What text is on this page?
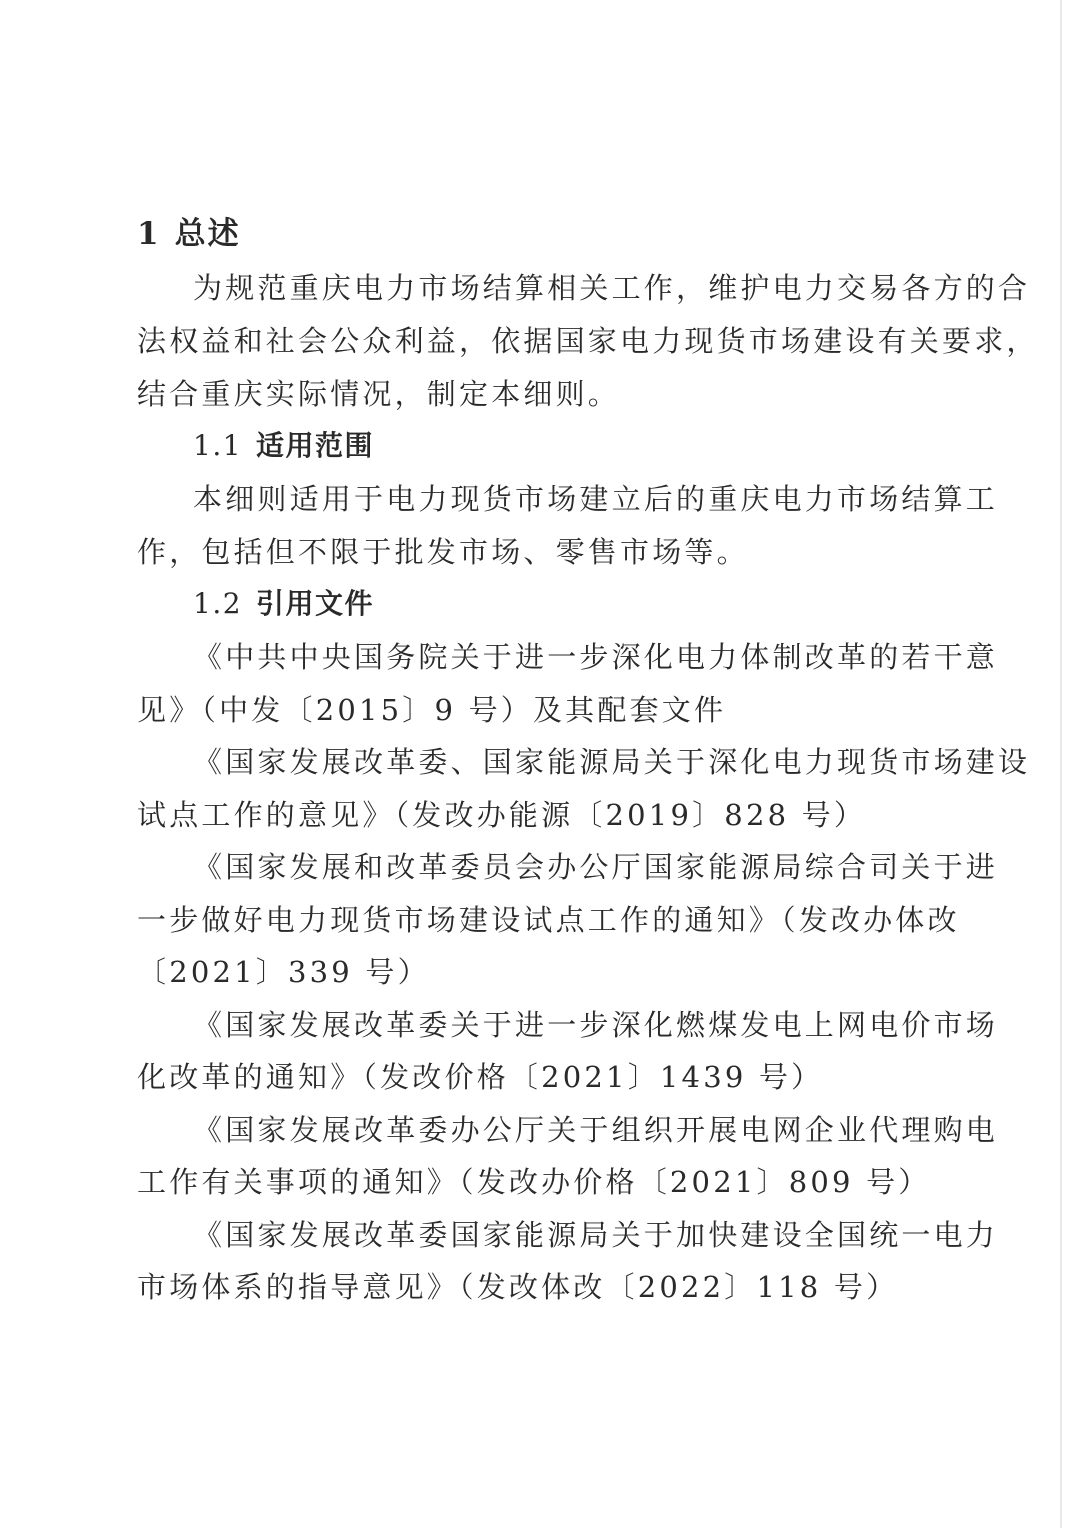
1 总述
为规范重庆电力市场结算相关工作，维护电力交易各方的合
法权益和社会公众利益，依据国家电力现货市场建设有关要求，
结合重庆实际情况，制定本细则。
1.1 适用范围
本细则适用于电力现货市场建立后的重庆电力市场结算工
作，包括但不限于批发市场、零售市场等。
1.2 引用文件
《中共中央国务院关于进一步深化电力体制改革的若干意
见》（中发〔2015〕9 号）及其配套文件
《国家发展改革委、国家能源局关于深化电力现货市场建设
试点工作的意见》（发改办能源〔2019〕828 号）
《国家发展和改革委员会办公厅国家能源局综合司关于进
一步做好电力现货市场建设试点工作的通知》（发改办体改
〔2021〕339 号）
《国家发展改革委关于进一步深化燃煤发电上网电价市场
化改革的通知》（发改价格〔2021〕1439 号）
《国家发展改革委办公厅关于组织开展电网企业代理购电
工作有关事项的通知》（发改办价格〔2021〕809 号）
《国家发展改革委国家能源局关于加快建设全国统一电力
市场体系的指导意见》（发改体改〔2022〕118 号）
